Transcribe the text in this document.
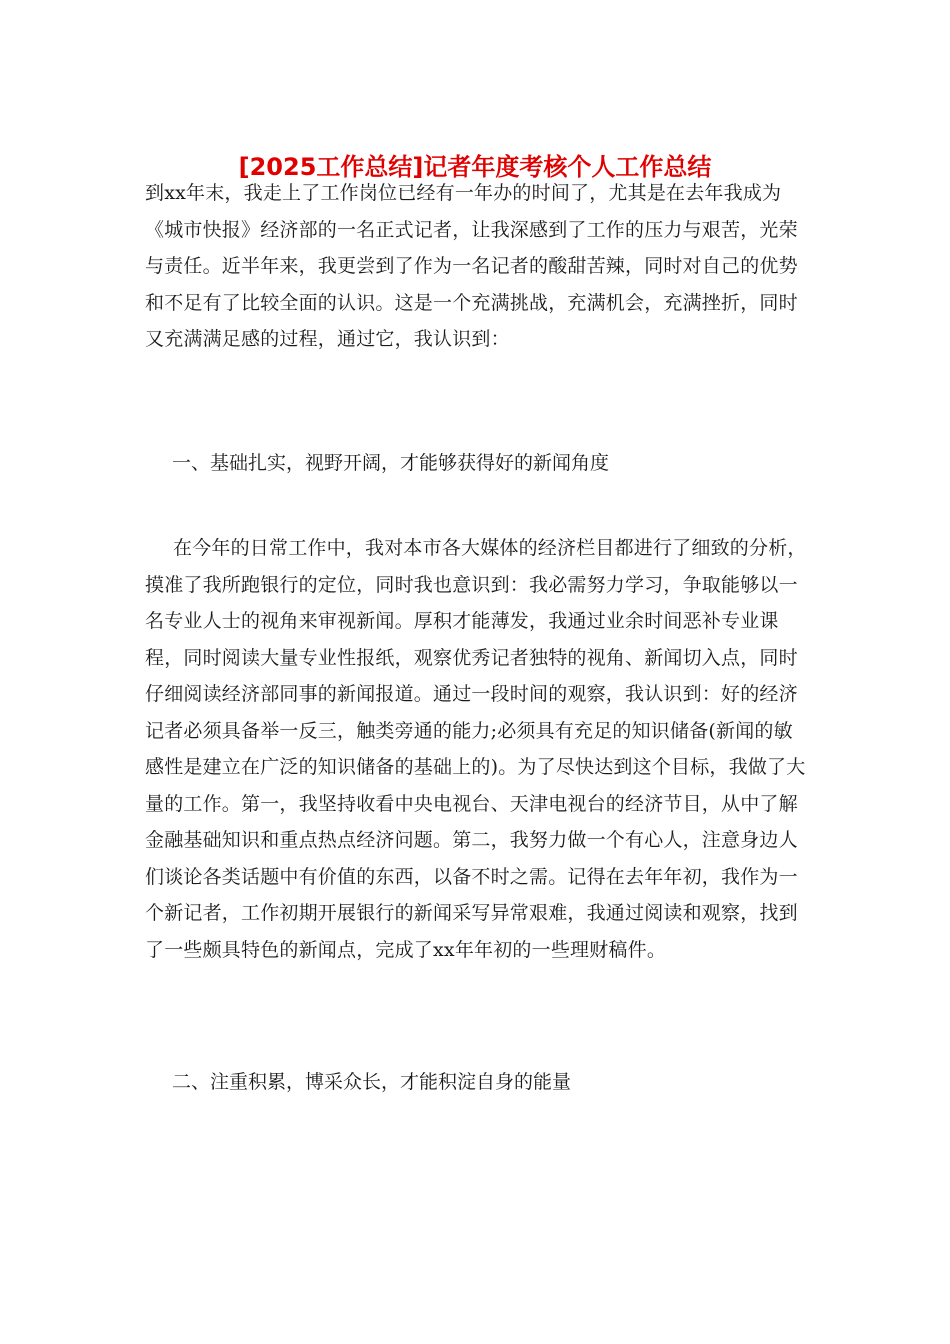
[2025工作总结]记者年度考核个人工作总结

到xx年末，我走上了工作岗位已经有一年办的时间了，尤其是在去年我成为《城市快报》经济部的一名正式记者，让我深感到了工作的压力与艰苦，光荣与责任。近半年来，我更尝到了作为一名记者的酸甜苦辣，同时对自己的优势和不足有了比较全面的认识。这是一个充满挑战，充满机会，充满挫折，同时又充满满足感的过程，通过它，我认识到：

一、基础扎实，视野开阔，才能够获得好的新闻角度

在今年的日常工作中，我对本市各大媒体的经济栏目都进行了细致的分析，摸准了我所跑银行的定位，同时我也意识到：我必需努力学习，争取能够以一名专业人士的视角来审视新闻。厚积才能薄发，我通过业余时间恶补专业课程，同时阅读大量专业性报纸，观察优秀记者独特的视角、新闻切入点，同时仔细阅读经济部同事的新闻报道。通过一段时间的观察，我认识到：好的经济记者必须具备举一反三，触类旁通的能力;必须具有充足的知识储备(新闻的敏感性是建立在广泛的知识储备的基础上的)。为了尽快达到这个目标，我做了大量的工作。第一，我坚持收看中央电视台、天津电视台的经济节目，从中了解金融基础知识和重点热点经济问题。第二，我努力做一个有心人，注意身边人们谈论各类话题中有价值的东西，以备不时之需。记得在去年年初，我作为一个新记者，工作初期开展银行的新闻采写异常艰难，我通过阅读和观察，找到了一些颇具特色的新闻点，完成了xx年年初的一些理财稿件。

二、注重积累，博采众长，才能积淀自身的能量
